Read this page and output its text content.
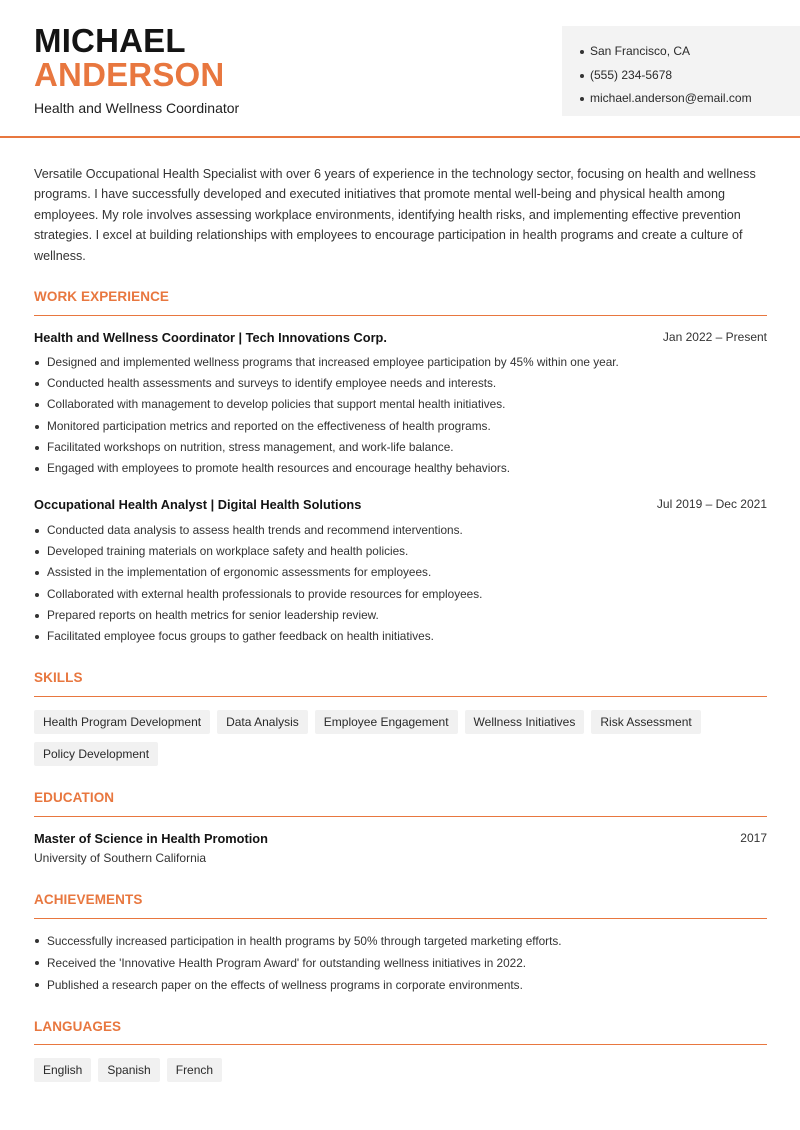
MICHAEL
ANDERSON
Health and Wellness Coordinator
San Francisco, CA
(555) 234-5678
michael.anderson@email.com

Versatile Occupational Health Specialist with over 6 years of experience in the technology sector, focusing on health and wellness programs. I have successfully developed and executed initiatives that promote mental well-being and physical health among employees. My role involves assessing workplace environments, identifying health risks, and implementing effective prevention strategies. I excel at building relationships with employees to encourage participation in health programs and create a culture of wellness.

WORK EXPERIENCE
Health and Wellness Coordinator | Tech Innovations Corp.	Jan 2022 – Present
Designed and implemented wellness programs that increased employee participation by 45% within one year.
Conducted health assessments and surveys to identify employee needs and interests.
Collaborated with management to develop policies that support mental health initiatives.
Monitored participation metrics and reported on the effectiveness of health programs.
Facilitated workshops on nutrition, stress management, and work-life balance.
Engaged with employees to promote health resources and encourage healthy behaviors.
Occupational Health Analyst | Digital Health Solutions	Jul 2019 – Dec 2021
Conducted data analysis to assess health trends and recommend interventions.
Developed training materials on workplace safety and health policies.
Assisted in the implementation of ergonomic assessments for employees.
Collaborated with external health professionals to provide resources for employees.
Prepared reports on health metrics for senior leadership review.
Facilitated employee focus groups to gather feedback on health initiatives.
SKILLS
Health Program Development	Data Analysis	Employee Engagement	Wellness Initiatives	Risk Assessment
Policy Development
EDUCATION
Master of Science in Health Promotion	2017
University of Southern California
ACHIEVEMENTS
Successfully increased participation in health programs by 50% through targeted marketing efforts.
Received the 'Innovative Health Program Award' for outstanding wellness initiatives in 2022.
Published a research paper on the effects of wellness programs in corporate environments.
LANGUAGES
English	Spanish	French
